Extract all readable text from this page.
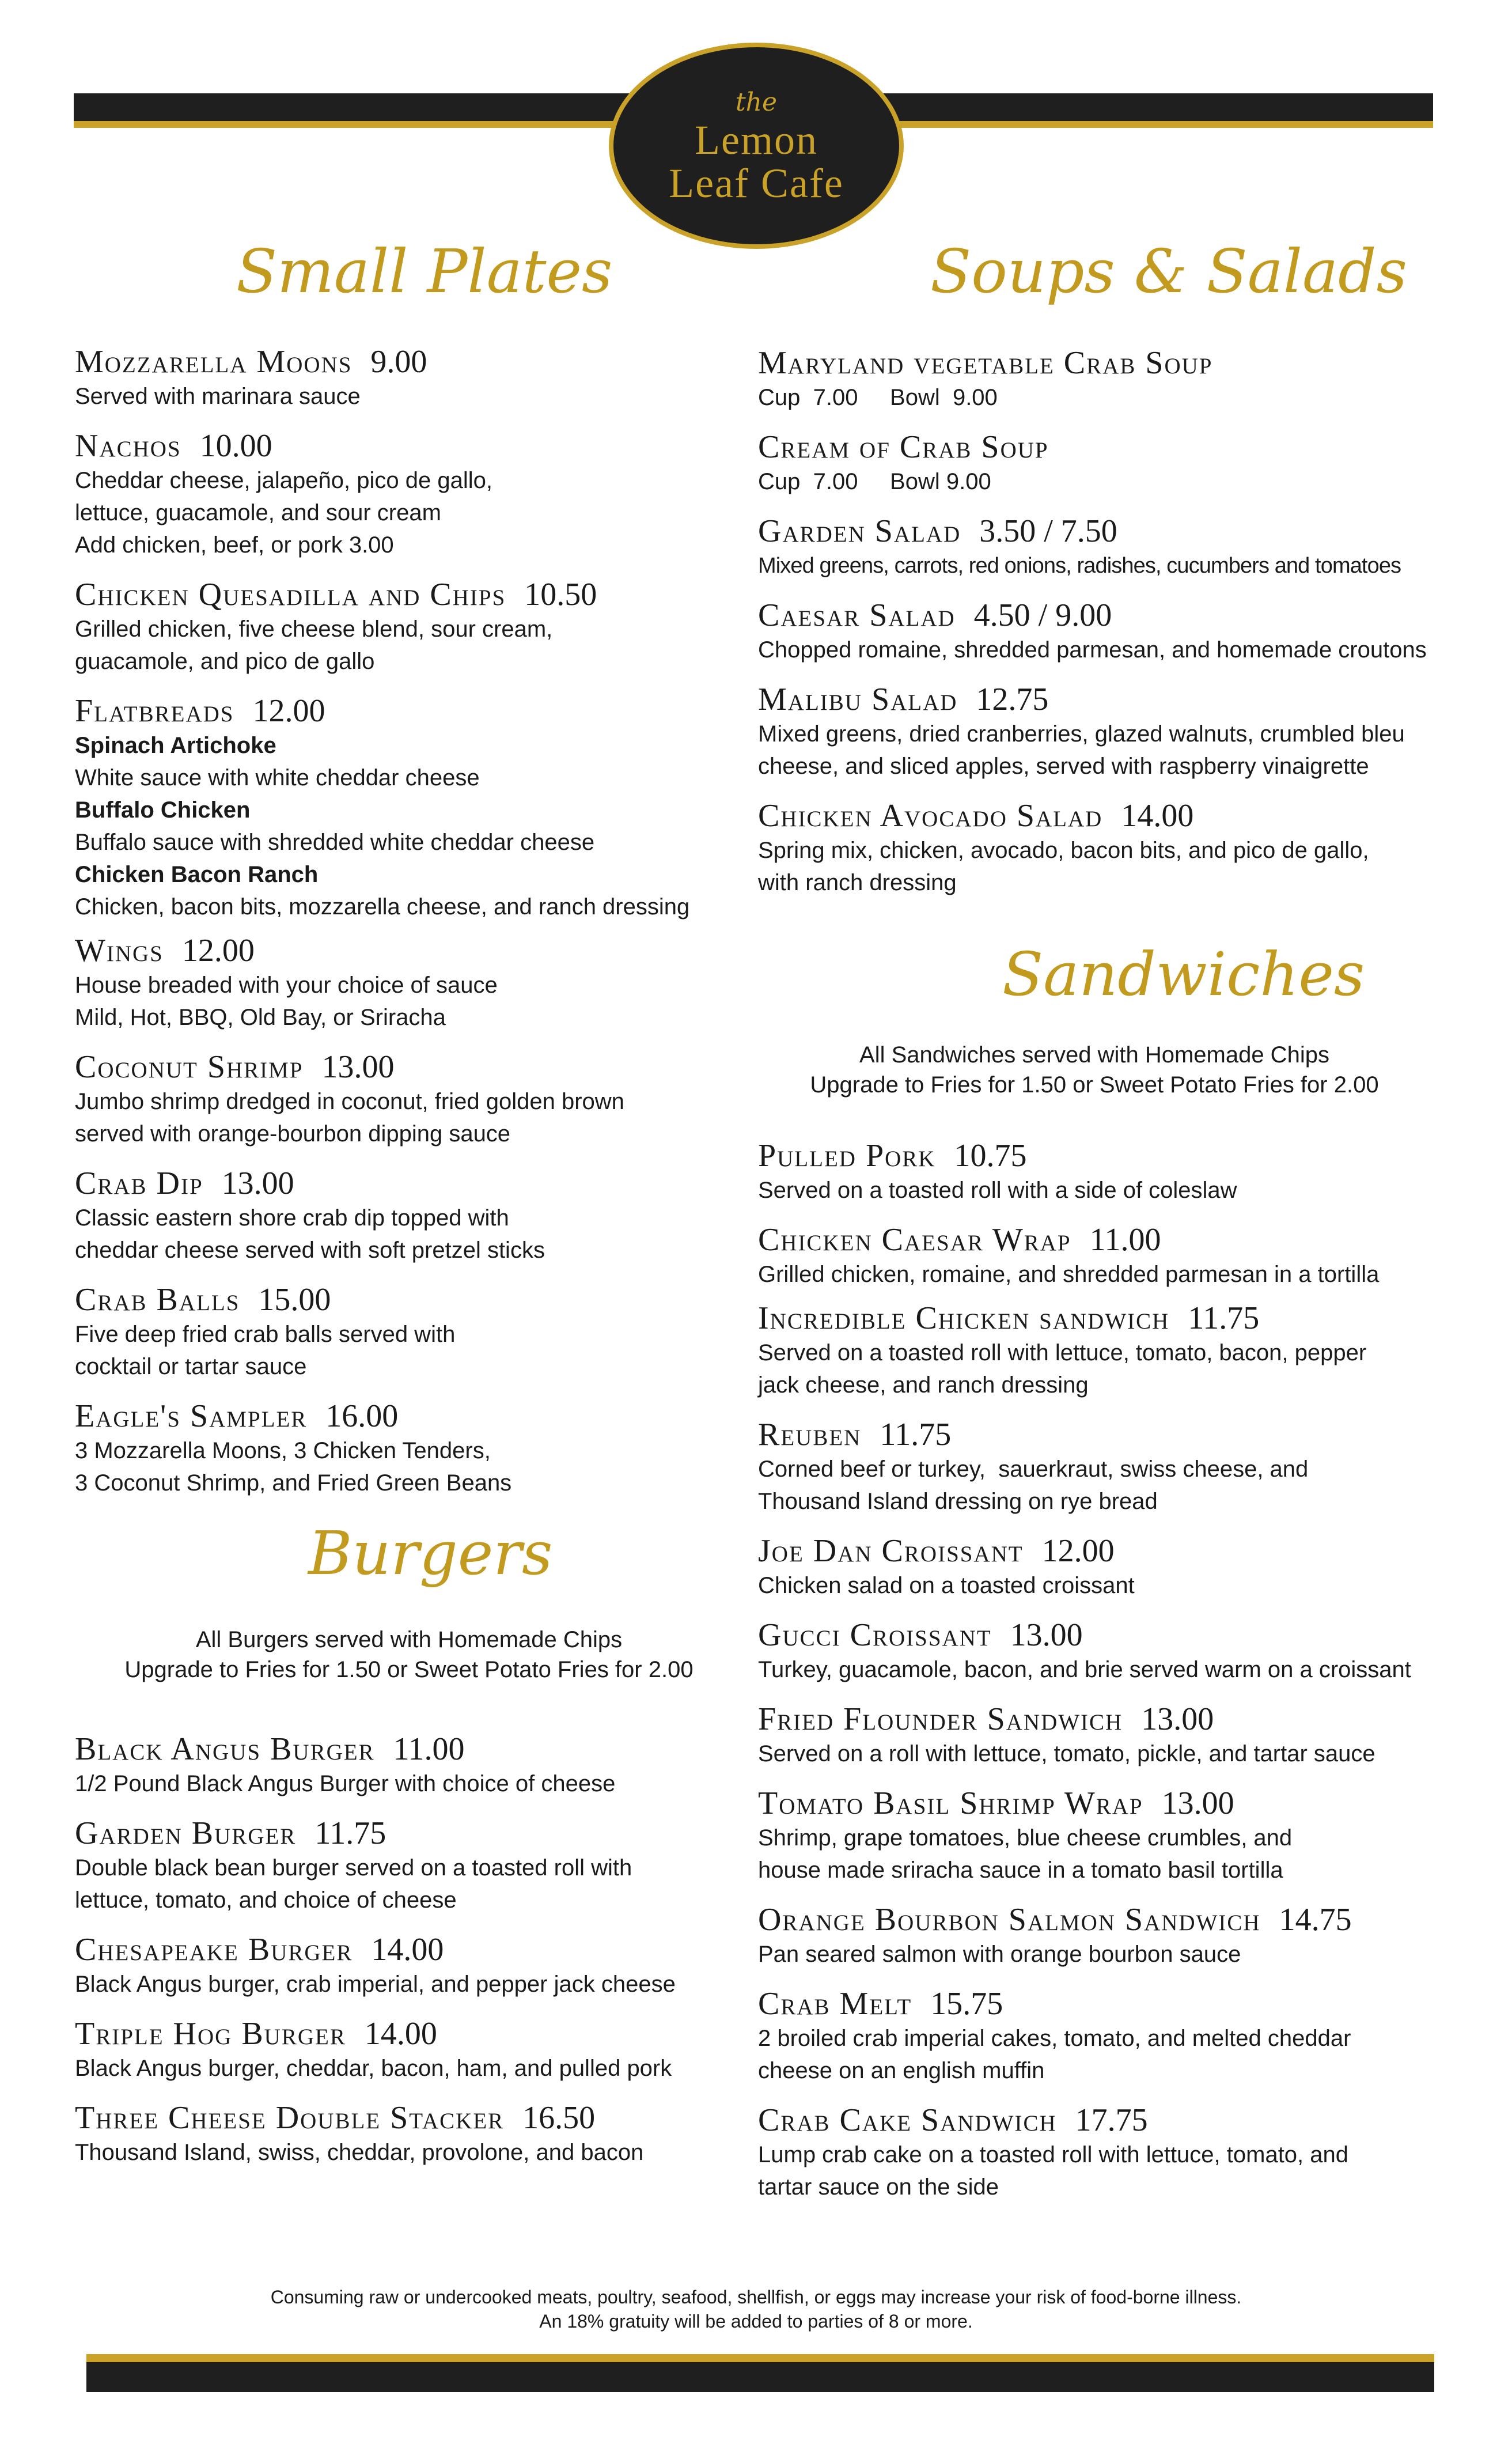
the
Lemon
Leaf Cafe
Small Plates	Soups & Salads
Burgers
Sandwiches
All Burgers served with Homemade Chips
Upgrade to Fries for 1.50 or Sweet Potato Fries for 2.00
All Sandwiches served with Homemade Chips
Upgrade to Fries for 1.50 or Sweet Potato Fries for 2.00
Mozzarella Moons 9.00
Served with marinara sauce
Nachos 10.00
Cheddar cheese, jalapeño, pico de gallo,
lettuce, guacamole, and sour cream
Add chicken, beef, or pork 3.00
Chicken Quesadilla and Chips 10.50
Grilled chicken, five cheese blend, sour cream,
guacamole, and pico de gallo
Flatbreads 12.00
Spinach Artichoke
White sauce with white cheddar cheese
Buffalo Chicken
Buffalo sauce with shredded white cheddar cheese
Chicken Bacon Ranch
Chicken, bacon bits, mozzarella cheese, and ranch dressing
Wings 12.00
House breaded with your choice of sauce
Mild, Hot, BBQ, Old Bay, or Sriracha
Coconut Shrimp 13.00
Jumbo shrimp dredged in coconut, fried golden brown
served with orange-bourbon dipping sauce
Crab Dip 13.00
Classic eastern shore crab dip topped with
cheddar cheese served with soft pretzel sticks
Crab Balls 15.00
Five deep fried crab balls served with
cocktail or tartar sauce
Eagle's Sampler 16.00
3 Mozzarella Moons, 3 Chicken Tenders,
3 Coconut Shrimp, and Fried Green Beans
Black Angus Burger 11.00
1/2 Pound Black Angus Burger with choice of cheese
Garden Burger 11.75
Double black bean burger served on a toasted roll with
lettuce, tomato, and choice of cheese
Chesapeake Burger 14.00
Black Angus burger, crab imperial, and pepper jack cheese
Triple Hog Burger 14.00
Black Angus burger, cheddar, bacon, ham, and pulled pork
Three Cheese Double Stacker 16.50
Thousand Island, swiss, cheddar, provolone, and bacon
Maryland vegetable Crab Soup
Cup  7.00     Bowl  9.00
Cream of Crab Soup
Cup  7.00     Bowl 9.00
Garden Salad 3.50 / 7.50
Mixed greens, carrots, red onions, radishes, cucumbers and tomatoes
Caesar Salad 4.50 / 9.00
Chopped romaine, shredded parmesan, and homemade croutons
Malibu Salad 12.75
Mixed greens, dried cranberries, glazed walnuts, crumbled bleu
cheese, and sliced apples, served with raspberry vinaigrette
Chicken Avocado Salad 14.00
Spring mix, chicken, avocado, bacon bits, and pico de gallo,
with ranch dressing
Pulled Pork 10.75
Served on a toasted roll with a side of coleslaw
Chicken Caesar Wrap 11.00
Grilled chicken, romaine, and shredded parmesan in a tortilla
Incredible Chicken sandwich 11.75
Served on a toasted roll with lettuce, tomato, bacon, pepper
jack cheese, and ranch dressing
Reuben 11.75
Corned beef or turkey,  sauerkraut, swiss cheese, and
Thousand Island dressing on rye bread
Joe Dan Croissant 12.00
Chicken salad on a toasted croissant
Gucci Croissant 13.00
Turkey, guacamole, bacon, and brie served warm on a croissant
Fried Flounder Sandwich 13.00
Served on a roll with lettuce, tomato, pickle, and tartar sauce
Tomato Basil Shrimp Wrap 13.00
Shrimp, grape tomatoes, blue cheese crumbles, and
house made sriracha sauce in a tomato basil tortilla
Orange Bourbon Salmon Sandwich 14.75
Pan seared salmon with orange bourbon sauce
Crab Melt 15.75
2 broiled crab imperial cakes, tomato, and melted cheddar
cheese on an english muffin
Crab Cake Sandwich 17.75
Lump crab cake on a toasted roll with lettuce, tomato, and
tartar sauce on the side
Consuming raw or undercooked meats, poultry, seafood, shellfish, or eggs may increase your risk of food-borne illness.
An 18% gratuity will be added to parties of 8 or more.
